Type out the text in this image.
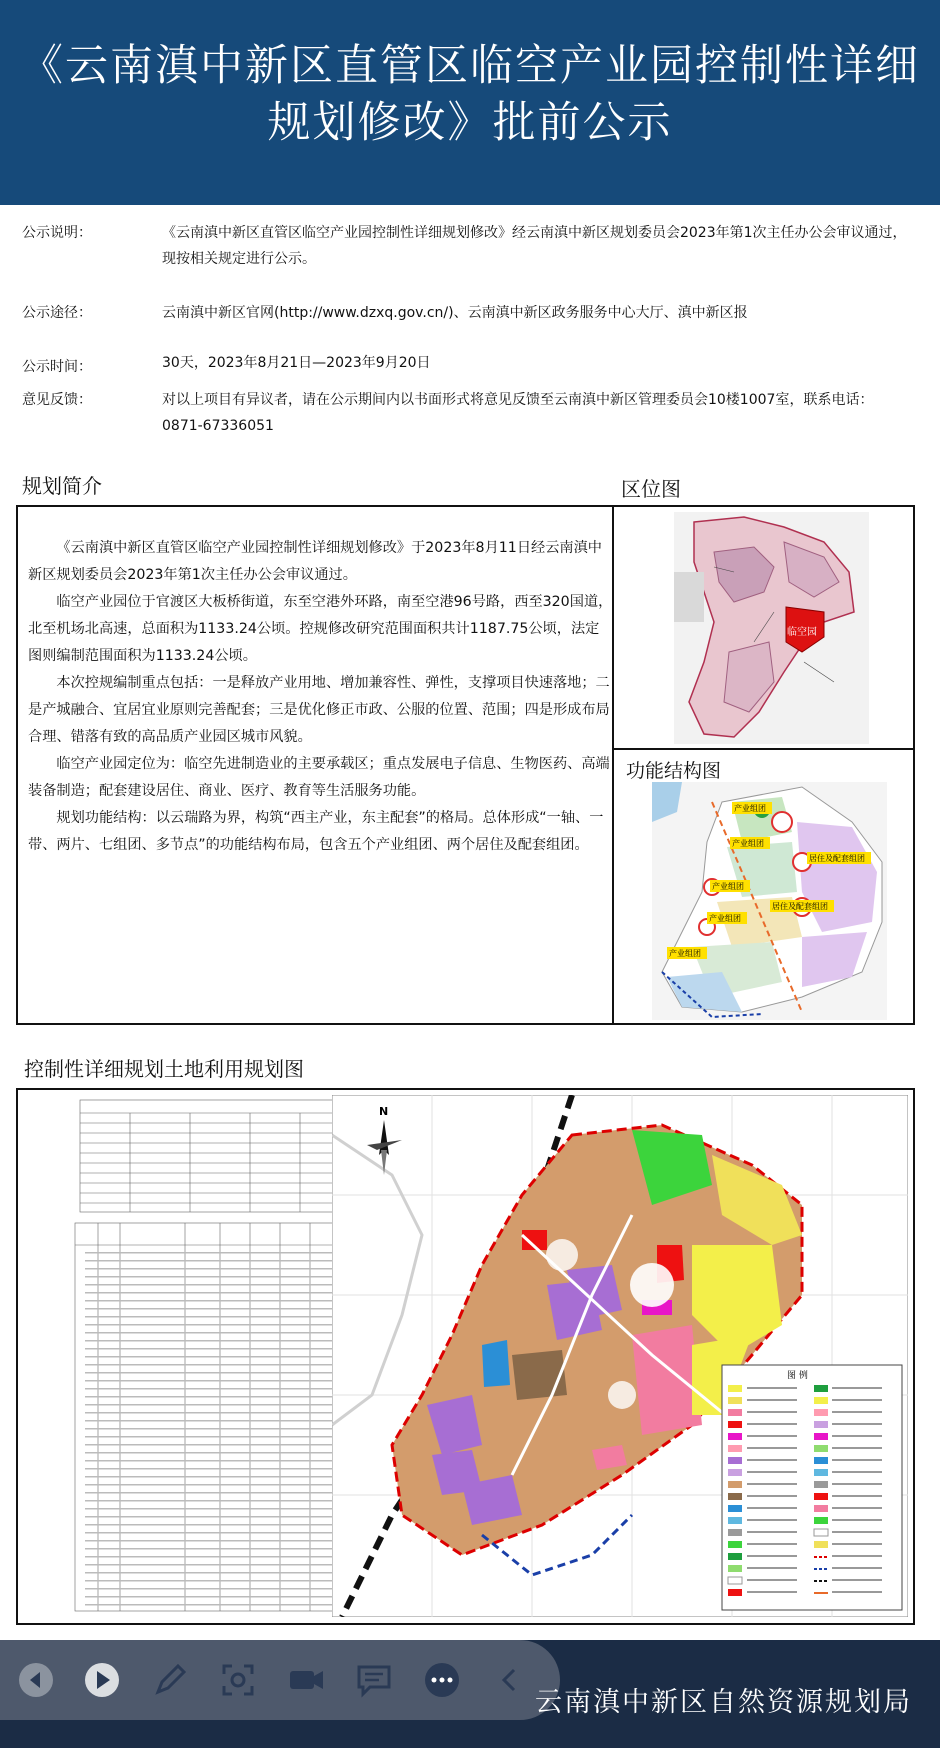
《云南滇中新区直管区临空产业园控制性详细规划修改》批前公示
公示说明：	《云南滇中新区直管区临空产业园控制性详细规划修改》经云南滇中新区规划委员会2023年第1次主任办公会审议通过，现按相关规定进行公示。
公示途径：	云南滇中新区官网(http://www.dzxq.gov.cn/)、云南滇中新区政务服务中心大厅、滇中新区报
公示时间：	30天，2023年8月21日—2023年9月20日
意见反馈：	对以上项目有异议者，请在公示期间内以书面形式将意见反馈至云南滇中新区管理委员会10楼1007室，联系电话：0871-67336051
规划简介	区位图

《云南滇中新区直管区临空产业园控制性详细规划修改》于2023年8月11日经云南滇中新区规划委员会2023年第1次主任办公会审议通过。

临空产业园位于官渡区大板桥街道，东至空港外环路，南至空港96号路，西至320国道，北至机场北高速，总面积为1133.24公顷。控规修改研究范围面积共计1187.75公顷，法定图则编制范围面积为1133.24公顷。

本次控规编制重点包括：一是释放产业用地、增加兼容性、弹性，支撑项目快速落地；二是产城融合、宜居宜业原则完善配套；三是优化修正市政、公服的位置、范围；四是形成布局合理、错落有致的高品质产业园区城市风貌。

临空产业园定位为：临空先进制造业的主要承载区；重点发展电子信息、生物医药、高端装备制造；配套建设居住、商业、医疗、教育等生活服务功能。

规划功能结构：以云瑞路为界，构筑“西主产业，东主配套”的格局。总体形成“一轴、一带、两片、七组团、多节点”的功能结构布局，包含五个产业组团、两个居住及配套组团。

临空园
功能结构图
产业组团
产业组团
产业组团
产业组团
产业组团
居住及配套组团
居住及配套组团
控制性详细规划土地利用规划图
N
图 例
云南滇中新区自然资源规划局
